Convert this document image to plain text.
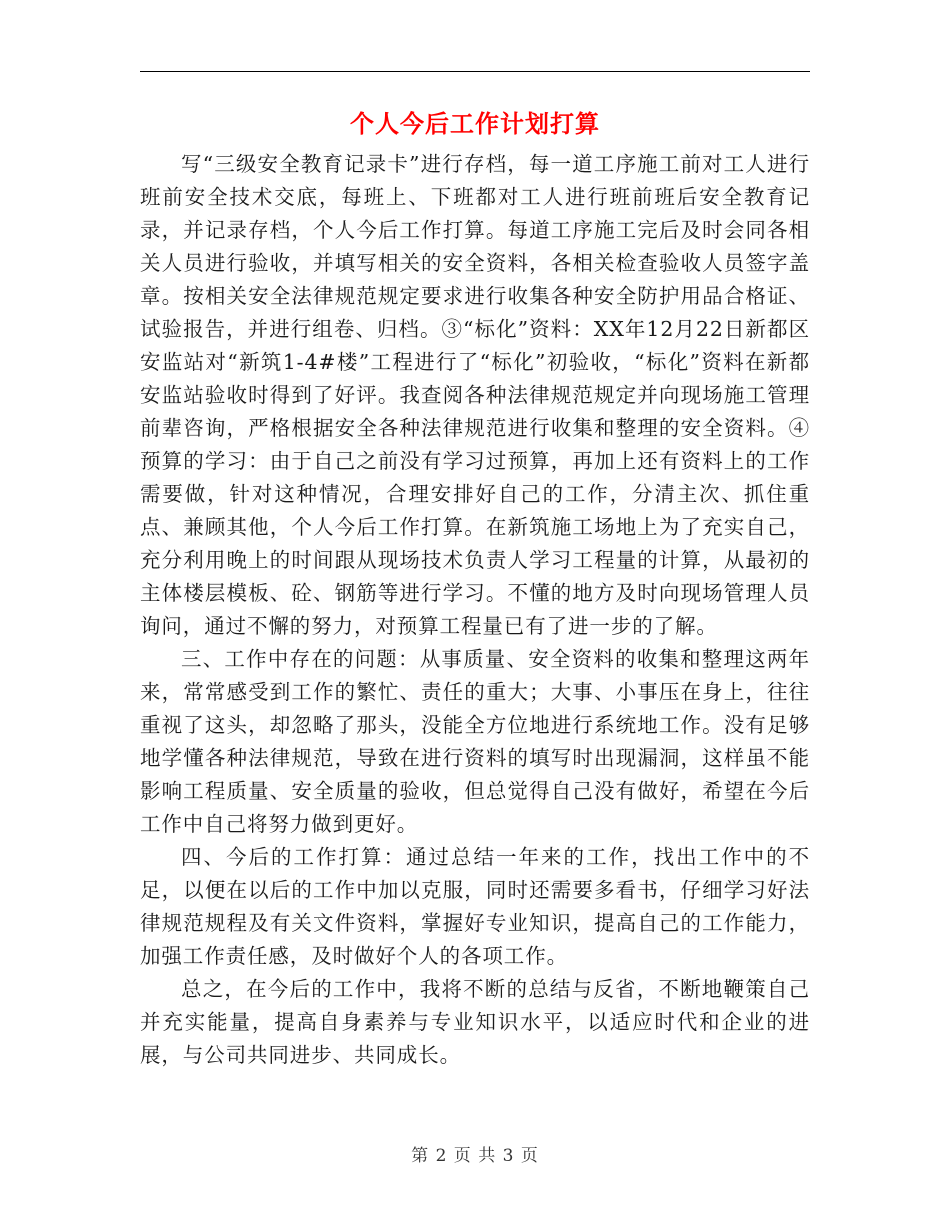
个人今后工作计划打算

写“三级安全教育记录卡”进行存档，每一道工序施工前对工人进行班前安全技术交底，每班上、下班都对工人进行班前班后安全教育记录，并记录存档，个人今后工作打算。每道工序施工完后及时会同各相关人员进行验收，并填写相关的安全资料，各相关检查验收人员签字盖章。按相关安全法律规范规定要求进行收集各种安全防护用品合格证、试验报告，并进行组卷、归档。③“标化”资料：XX年12月22日新都区安监站对“新筑1-4#楼”工程进行了“标化”初验收，“标化”资料在新都安监站验收时得到了好评。我查阅各种法律规范规定并向现场施工管理前辈咨询，严格根据安全各种法律规范进行收集和整理的安全资料。④预算的学习：由于自己之前没有学习过预算，再加上还有资料上的工作需要做，针对这种情况，合理安排好自己的工作，分清主次、抓住重点、兼顾其他，个人今后工作打算。在新筑施工场地上为了充实自己，充分利用晚上的时间跟从现场技术负责人学习工程量的计算，从最初的主体楼层模板、砼、钢筋等进行学习。不懂的地方及时向现场管理人员询问，通过不懈的努力，对预算工程量已有了进一步的了解。

三、工作中存在的问题：从事质量、安全资料的收集和整理这两年来，常常感受到工作的繁忙、责任的重大；大事、小事压在身上，往往重视了这头，却忽略了那头，没能全方位地进行系统地工作。没有足够地学懂各种法律规范，导致在进行资料的填写时出现漏洞，这样虽不能影响工程质量、安全质量的验收，但总觉得自己没有做好，希望在今后工作中自己将努力做到更好。

四、今后的工作打算：通过总结一年来的工作，找出工作中的不足，以便在以后的工作中加以克服，同时还需要多看书，仔细学习好法律规范规程及有关文件资料，掌握好专业知识，提高自己的工作能力，加强工作责任感，及时做好个人的各项工作。

总之，在今后的工作中，我将不断的总结与反省，不断地鞭策自己并充实能量，提高自身素养与专业知识水平，以适应时代和企业的进展，与公司共同进步、共同成长。

第 2 页 共 3 页
